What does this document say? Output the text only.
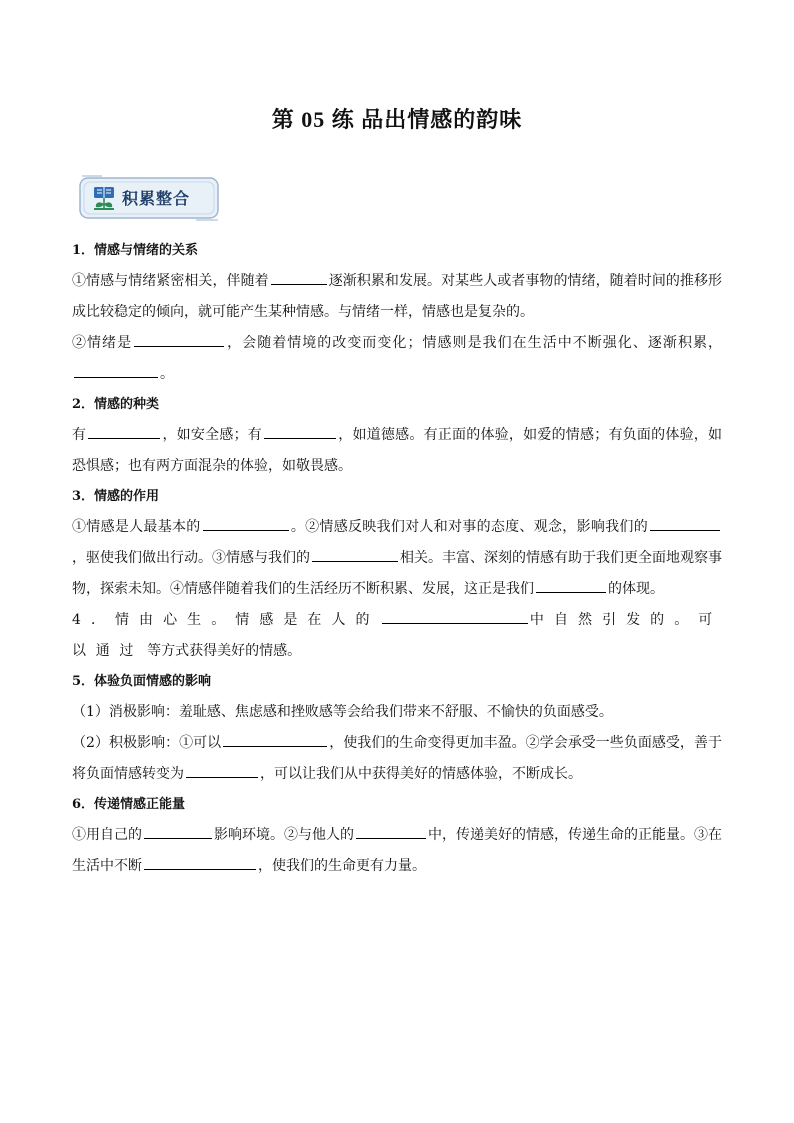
第 05 练 品出情感的韵味
积累整合

1．情感与情绪的关系

①情感与情绪紧密相关，伴随着	逐渐积累和发展。对某些人或者事物的情绪，随着时间的推移形成比较稳定的倾向，就可能产生某种情感。与情绪一样，情感也是复杂的。

②情绪是	，会随着情境的改变而变化；情感则是我们在生活中不断强化、逐渐积累，。

2．情感的种类

有	，如安全感；有	，如道德感。有正面的体验，如爱的情感；有负面的体验，如恐惧感；也有两方面混杂的体验，如敬畏感。

3．情感的作用

①情感是人最基本的	。②情感反映我们对人和对事的态度、观念，影响我们的，驱使我们做出行动。③情感与我们的	相关。丰富、深刻的情感有助于我们更全面地观察事物，探索未知。④情感伴随着我们的生活经历不断积累、发展，这正是我们	的体现。

4．情由心生。情感是在人的	中自然引发的。可以通过 等方式获得美好的情感。

5．体验负面情感的影响

（1）消极影响：羞耻感、焦虑感和挫败感等会给我们带来不舒服、不愉快的负面感受。

（2）积极影响：①可以	，使我们的生命变得更加丰盈。②学会承受一些负面感受，善于将负面情感转变为	，可以让我们从中获得美好的情感体验，不断成长。

6．传递情感正能量

①用自己的	影响环境。②与他人的	中，传递美好的情感，传递生命的正能量。③在生活中不断	，使我们的生命更有力量。
